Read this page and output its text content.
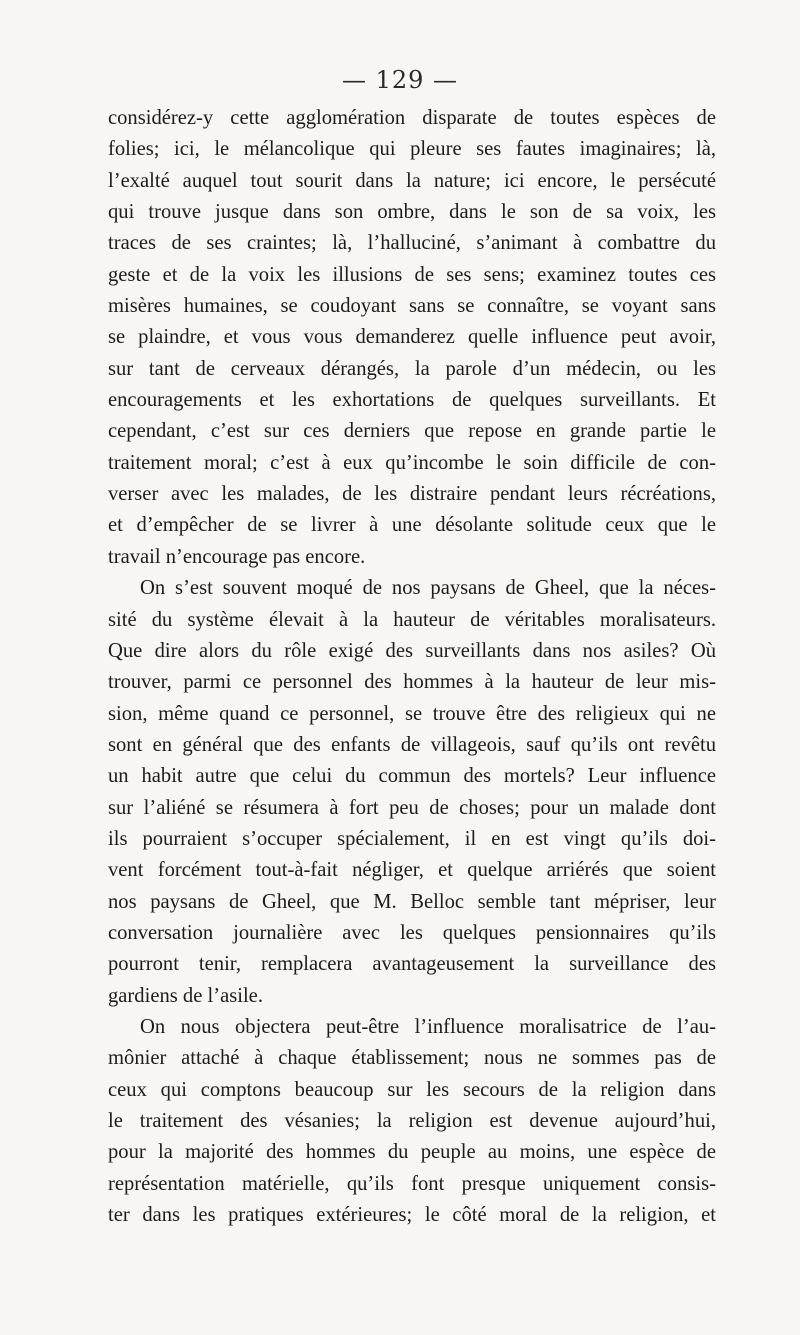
— 129 —
considérez-y cette agglomération disparate de toutes espèces de
folies; ici, le mélancolique qui pleure ses fautes imaginaires; là,
l’exalté auquel tout sourit dans la nature; ici encore, le persécuté
qui trouve jusque dans son ombre, dans le son de sa voix, les
traces de ses craintes; là, l’halluciné, s’animant à combattre du
geste et de la voix les illusions de ses sens; examinez toutes ces
misères humaines, se coudoyant sans se connaître, se voyant sans
se plaindre, et vous vous demanderez quelle influence peut avoir,
sur tant de cerveaux dérangés, la parole d’un médecin, ou les
encouragements et les exhortations de quelques surveillants. Et
cependant, c’est sur ces derniers que repose en grande partie le
traitement moral; c’est à eux qu’incombe le soin difficile de con-
verser avec les malades, de les distraire pendant leurs récréations,
et d’empêcher de se livrer à une désolante solitude ceux que le
travail n’encourage pas encore.
On s’est souvent moqué de nos paysans de Gheel, que la néces-
sité du système élevait à la hauteur de véritables moralisateurs.
Que dire alors du rôle exigé des surveillants dans nos asiles? Où
trouver, parmi ce personnel des hommes à la hauteur de leur mis-
sion, même quand ce personnel, se trouve être des religieux qui ne
sont en général que des enfants de villageois, sauf qu’ils ont revêtu
un habit autre que celui du commun des mortels? Leur influence
sur l’aliéné se résumera à fort peu de choses; pour un malade dont
ils pourraient s’occuper spécialement, il en est vingt qu’ils doi-
vent forcément tout-à-fait négliger, et quelque arriérés que soient
nos paysans de Gheel, que M. Belloc semble tant mépriser, leur
conversation journalière avec les quelques pensionnaires qu’ils
pourront tenir, remplacera avantageusement la surveillance des
gardiens de l’asile.
On nous objectera peut-être l’influence moralisatrice de l’au-
mônier attaché à chaque établissement; nous ne sommes pas de
ceux qui comptons beaucoup sur les secours de la religion dans
le traitement des vésanies; la religion est devenue aujourd’hui,
pour la majorité des hommes du peuple au moins, une espèce de
représentation matérielle, qu’ils font presque uniquement consis-
ter dans les pratiques extérieures; le côté moral de la religion, et
